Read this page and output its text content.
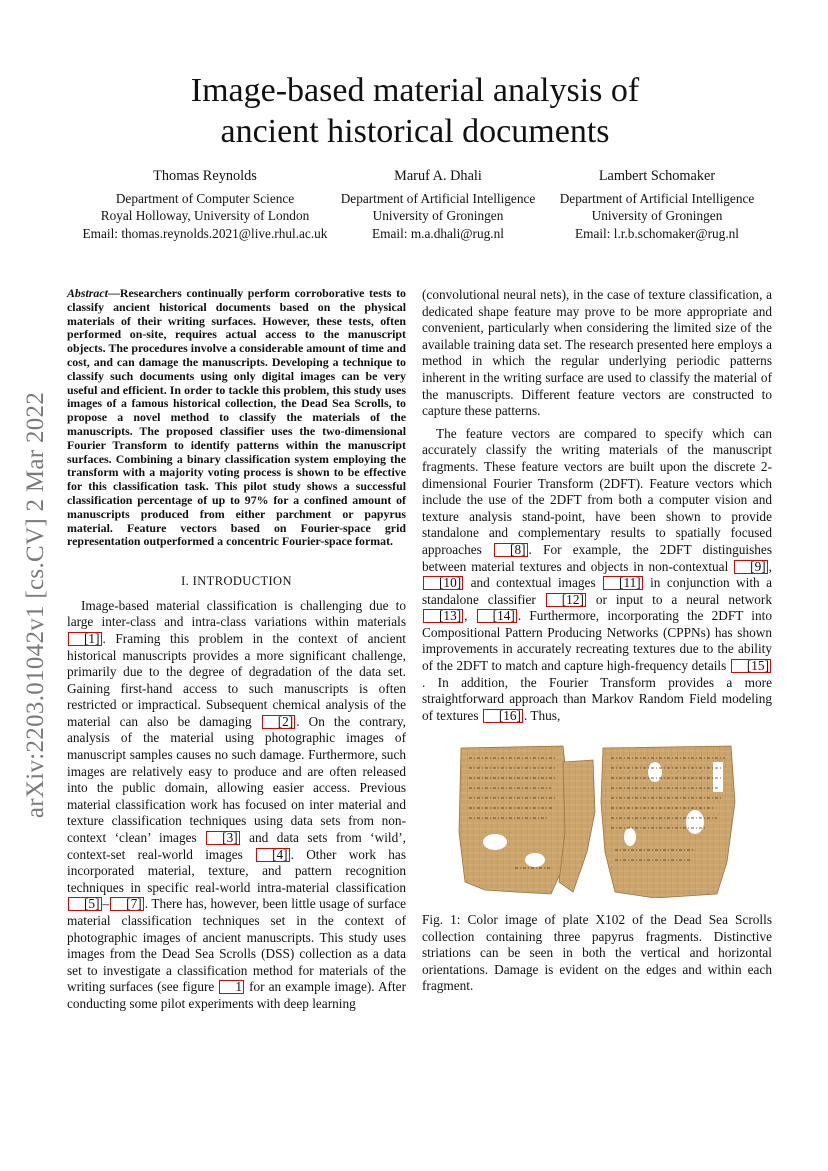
arXiv:2203.01042v1 [cs.CV] 2 Mar 2022
Image-based material analysis of
ancient historical documents
Thomas Reynolds
Department of Computer Science
Royal Holloway, University of London
Email: thomas.reynolds.2021@live.rhul.ac.uk
Maruf A. Dhali
Department of Artificial Intelligence
University of Groningen
Email: m.a.dhali@rug.nl
Lambert Schomaker
Department of Artificial Intelligence
University of Groningen
Email: l.r.b.schomaker@rug.nl

Abstract—Researchers continually perform corroborative tests to classify ancient historical documents based on the physical materials of their writing surfaces. However, these tests, often performed on-site, requires actual access to the manuscript objects. The procedures involve a considerable amount of time and cost, and can damage the manuscripts. Developing a technique to classify such documents using only digital images can be very useful and efficient. In order to tackle this problem, this study uses images of a famous historical collection, the Dead Sea Scrolls, to propose a novel method to classify the materials of the manuscripts. The proposed classifier uses the two-dimensional Fourier Transform to identify patterns within the manuscript surfaces. Combining a binary classification system employing the transform with a majority voting process is shown to be effective for this classification task. This pilot study shows a successful classification percentage of up to 97% for a confined amount of manuscripts produced from either parchment or papyrus material. Feature vectors based on Fourier-space grid representation outperformed a concentric Fourier-space format.

I. INTRODUCTION

Image-based material classification is challenging due to large inter-class and intra-class variations within materials [1] . Framing this problem in the context of ancient historical manuscripts provides a more significant challenge, primarily due to the degree of degradation of the data set. Gaining first-hand access to such manuscripts is often restricted or impractical. Subsequent chemical analysis of the material can also be damaging [2] . On the contrary, analysis of the material using photographic images of manuscript samples causes no such damage. Furthermore, such images are relatively easy to produce and are often released into the public domain, allowing easier access. Previous material classification work has focused on inter material and texture classification techniques using data sets from non-context ‘clean’ images [3] and data sets from ‘wild’, context-set real-world images [4] . Other work has incorporated material, texture, and pattern recognition techniques in specific real-world intra-material classification [5] – [7] . There has, however, been little usage of surface material classification techniques set in the context of photographic images of ancient manuscripts. This study uses images from the Dead Sea Scrolls (DSS) collection as a data set to investigate a classification method for materials of the writing surfaces (see figure 1 for an example image). After conducting some pilot experiments with deep learning

(convolutional neural nets), in the case of texture classification, a dedicated shape feature may prove to be more appropriate and convenient, particularly when considering the limited size of the available training data set. The research presented here employs a method in which the regular underlying periodic patterns inherent in the writing surface are used to classify the material of the manuscripts. Different feature vectors are constructed to capture these patterns.

The feature vectors are compared to specify which can accurately classify the writing materials of the manuscript fragments. These feature vectors are built upon the discrete 2-dimensional Fourier Transform (2DFT). Feature vectors which include the use of the 2DFT from both a computer vision and texture analysis stand-point, have been shown to provide standalone and complementary results to spatially focused approaches [8] . For example, the 2DFT distinguishes between material textures and objects in non-contextual [9] , [10] and contextual images [11] in conjunction with a standalone classifier [12] or input to a neural network [13] , [14] . Furthermore, incorporating the 2DFT into Compositional Pattern Producing Networks (CPPNs) has shown improvements in accurately recreating textures due to the ability of the 2DFT to match and capture high-frequency details [15]. In addition, the Fourier Transform provides a more straightforward approach than Markov Random Field modeling of textures [16] . Thus,

Fig. 1: Color image of plate X102 of the Dead Sea Scrolls collection containing three papyrus fragments. Distinctive striations can be seen in both the vertical and horizontal orientations. Damage is evident on the edges and within each fragment.
